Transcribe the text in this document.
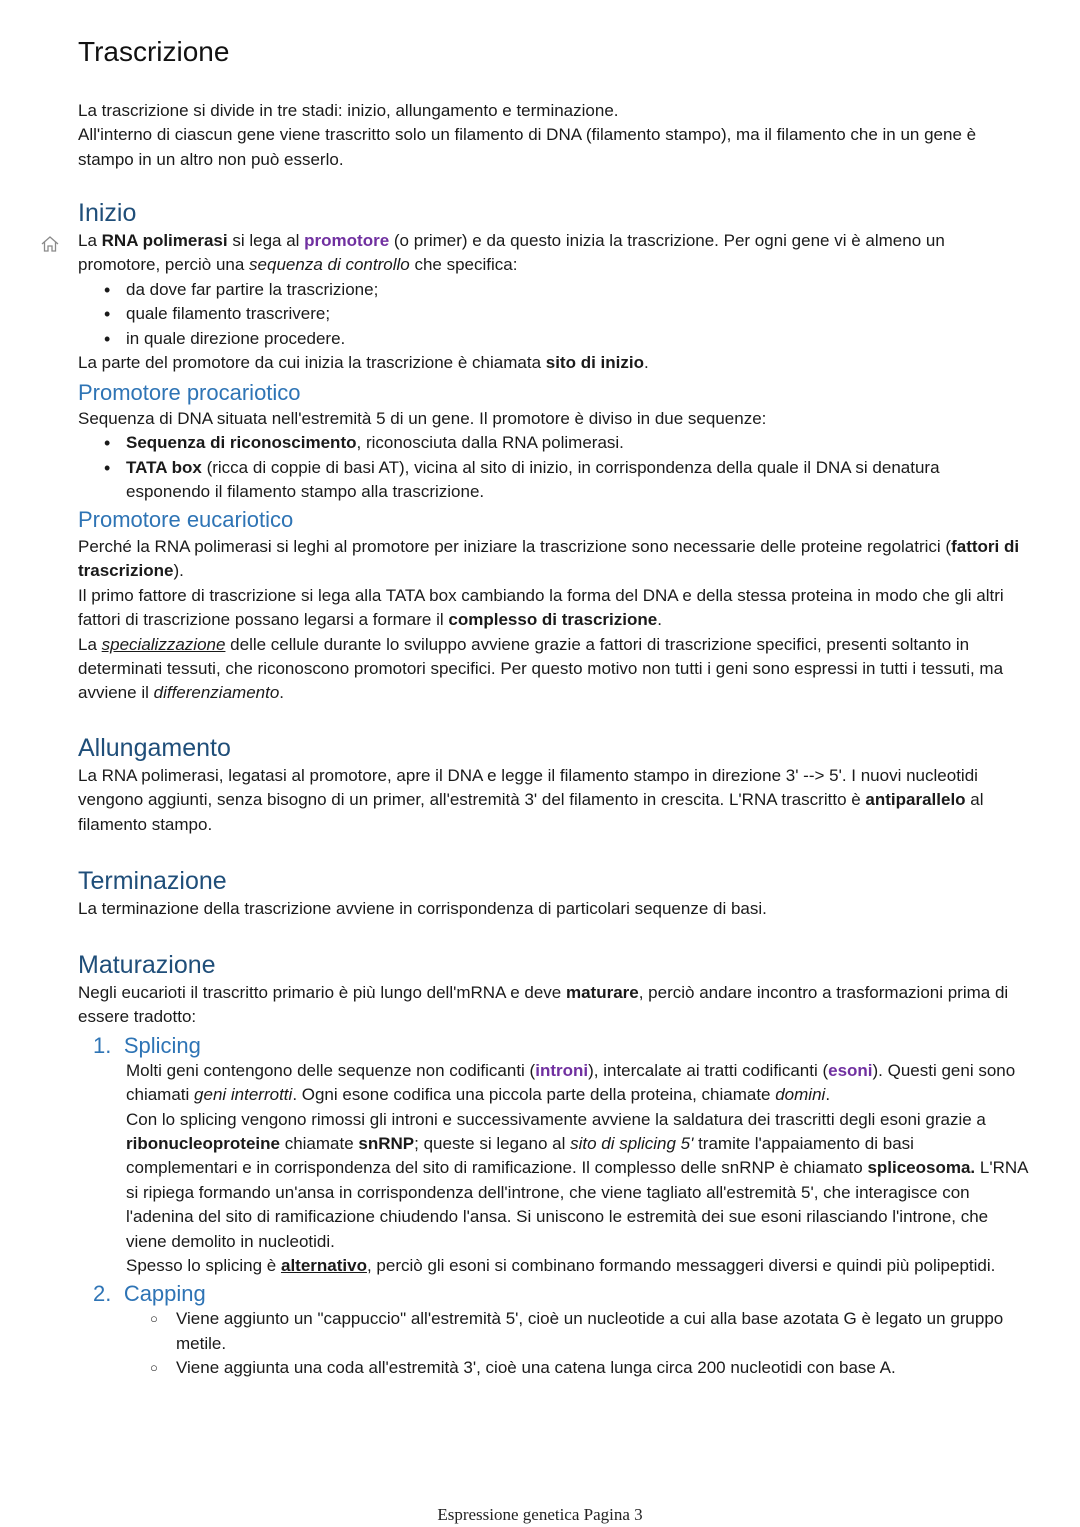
Trascrizione

La trascrizione si divide in tre stadi: inizio, allungamento e terminazione.

All'interno di ciascun gene viene trascritto solo un filamento di DNA (filamento stampo), ma il filamento che in un gene è stampo in un altro non può esserlo.

Inizio

La RNA polimerasi si lega al promotore (o primer) e da questo inizia la trascrizione. Per ogni gene vi è almeno un promotore, perciò una sequenza di controllo che specifica:

• da dove far partire la trascrizione;
• quale filamento trascrivere;
• in quale direzione procedere.

La parte del promotore da cui inizia la trascrizione è chiamata sito di inizio.

Promotore procariotico

Sequenza di DNA situata nell'estremità 5 di un gene. Il promotore è diviso in due sequenze:

• Sequenza di riconoscimento, riconosciuta dalla RNA polimerasi.
• TATA box (ricca di coppie di basi AT), vicina al sito di inizio, in corrispondenza della quale il DNA si denatura esponendo il filamento stampo alla trascrizione.
Promotore eucariotico

Perché la RNA polimerasi si leghi al promotore per iniziare la trascrizione sono necessarie delle proteine regolatrici (fattori di trascrizione).

Il primo fattore di trascrizione si lega alla TATA box cambiando la forma del DNA e della stessa proteina in modo che gli altri fattori di trascrizione possano legarsi a formare il complesso di trascrizione.

La specializzazione delle cellule durante lo sviluppo avviene grazie a fattori di trascrizione specifici, presenti soltanto in determinati tessuti, che riconoscono promotori specifici. Per questo motivo non tutti i geni sono espressi in tutti i tessuti, ma avviene il differenziamento.

Allungamento

La RNA polimerasi, legatasi al promotore, apre il DNA e legge il filamento stampo in direzione 3' --> 5'. I nuovi nucleotidi vengono aggiunti, senza bisogno di un primer, all'estremità 3' del filamento in crescita. L'RNA trascritto è antiparallelo al filamento stampo.

Terminazione

La terminazione della trascrizione avviene in corrispondenza di particolari sequenze di basi.

Maturazione

Negli eucarioti il trascritto primario è più lungo dell'mRNA e deve maturare, perciò andare incontro a trasformazioni prima di essere tradotto:

1. Splicing

Molti geni contengono delle sequenze non codificanti (introni), intercalate ai tratti codificanti (esoni). Questi geni sono chiamati geni interrotti. Ogni esone codifica una piccola parte della proteina, chiamate domini.

Con lo splicing vengono rimossi gli introni e successivamente avviene la saldatura dei trascritti degli esoni grazie a ribonucleoproteine chiamate snRNP; queste si legano al sito di splicing 5' tramite l'appaiamento di basi complementari e in corrispondenza del sito di ramificazione. Il complesso delle snRNP è chiamato spliceosoma. L'RNA si ripiega formando un'ansa in corrispondenza dell'introne, che viene tagliato all'estremità 5', che interagisce con l'adenina del sito di ramificazione chiudendo l'ansa. Si uniscono le estremità dei sue esoni rilasciando l'introne, che viene demolito in nucleotidi.

Spesso lo splicing è alternativo, perciò gli esoni si combinano formando messaggeri diversi e quindi più polipeptidi.

2. Capping
○ Viene aggiunto un "cappuccio" all'estremità 5', cioè un nucleotide a cui alla base azotata G è legato un gruppo metile.
○ Viene aggiunta una coda all'estremità 3', cioè una catena lunga circa 200 nucleotidi con base A.
Espressione genetica Pagina 3
